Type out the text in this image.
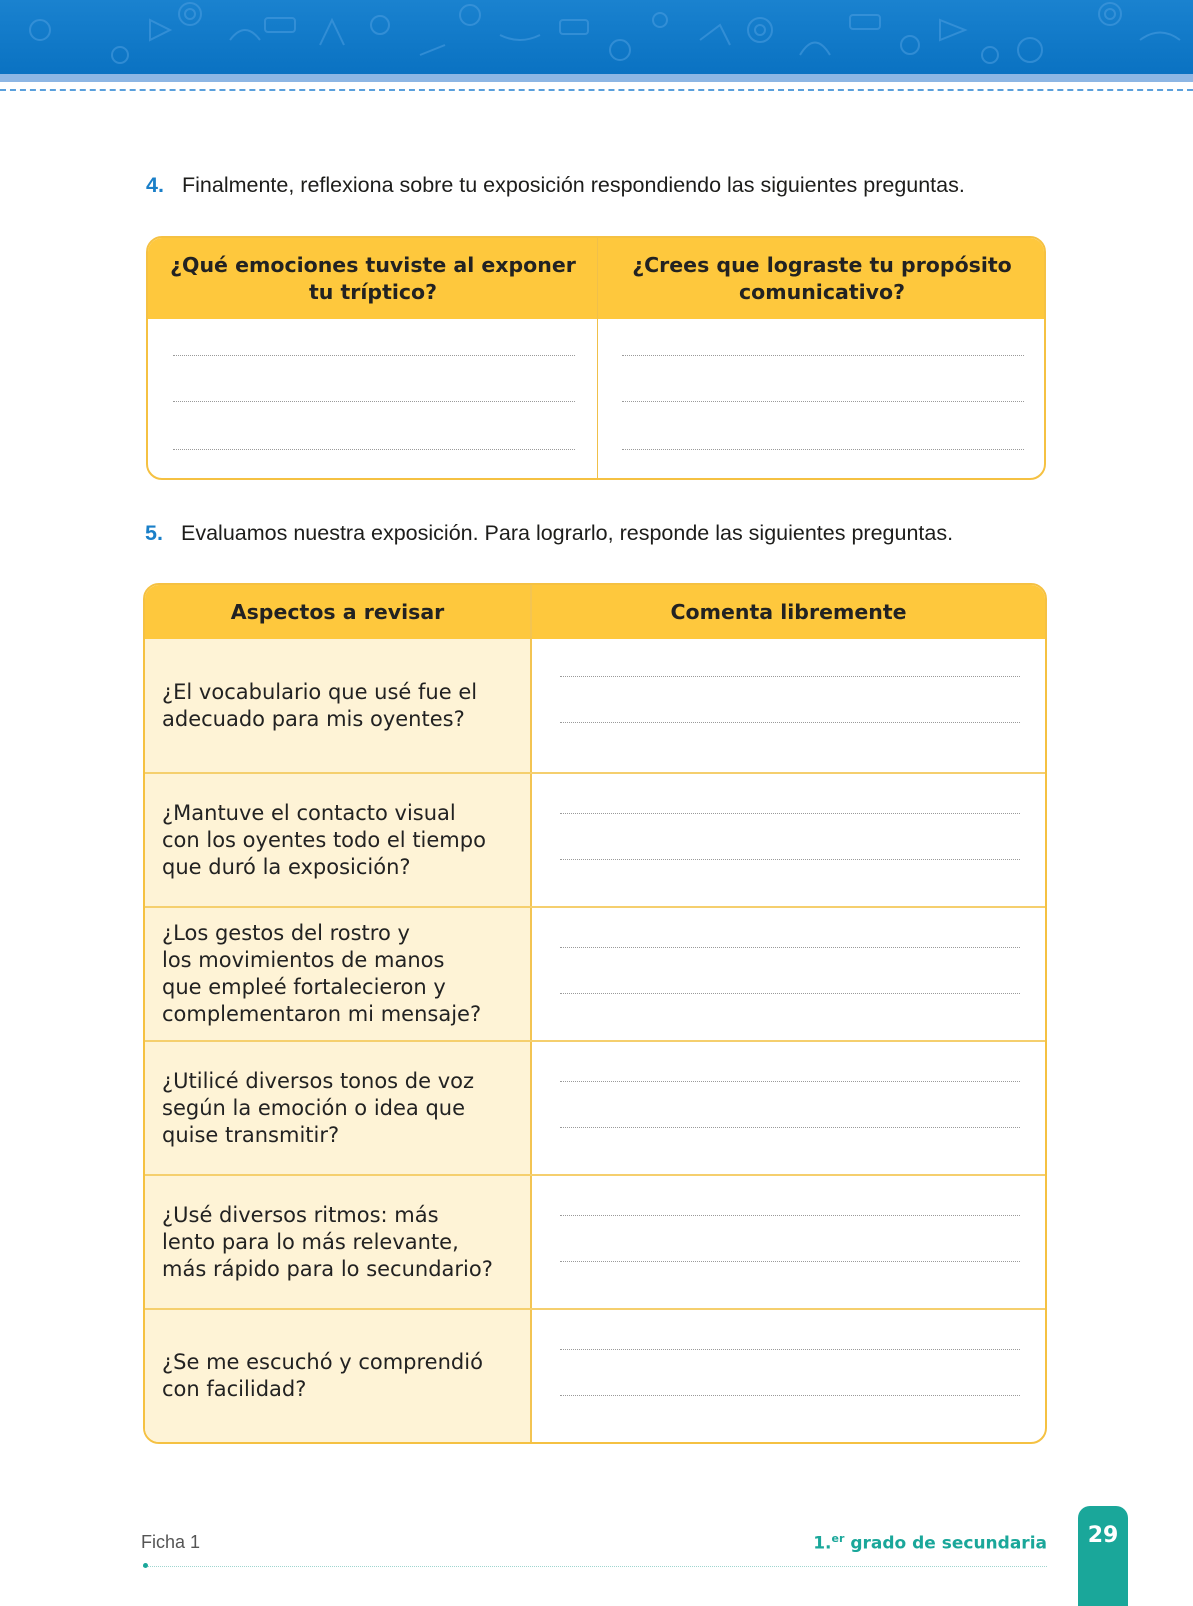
4. Finalmente, reflexiona sobre tu exposición respondiendo las siguientes preguntas.
¿Qué emociones tuviste al exponer tu tríptico?
¿Crees que lograste tu propósito comunicativo?
5. Evaluamos nuestra exposición. Para lograrlo, responde las siguientes preguntas.
Aspectos a revisar	Comenta libremente
¿El vocabulario que usé fue el
adecuado para mis oyentes?
¿Mantuve el contacto visual
con los oyentes todo el tiempo
que duró la exposición?
¿Los gestos del rostro y
los movimientos de manos
que empleé fortalecieron y
complementaron mi mensaje?
¿Utilicé diversos tonos de voz
según la emoción o idea que
quise transmitir?
¿Usé diversos ritmos: más
lento para lo más relevante,
más rápido para lo secundario?
¿Se me escuchó y comprendió
con facilidad?
Ficha 1	1.$^{er}$ grado de secundaria 29
